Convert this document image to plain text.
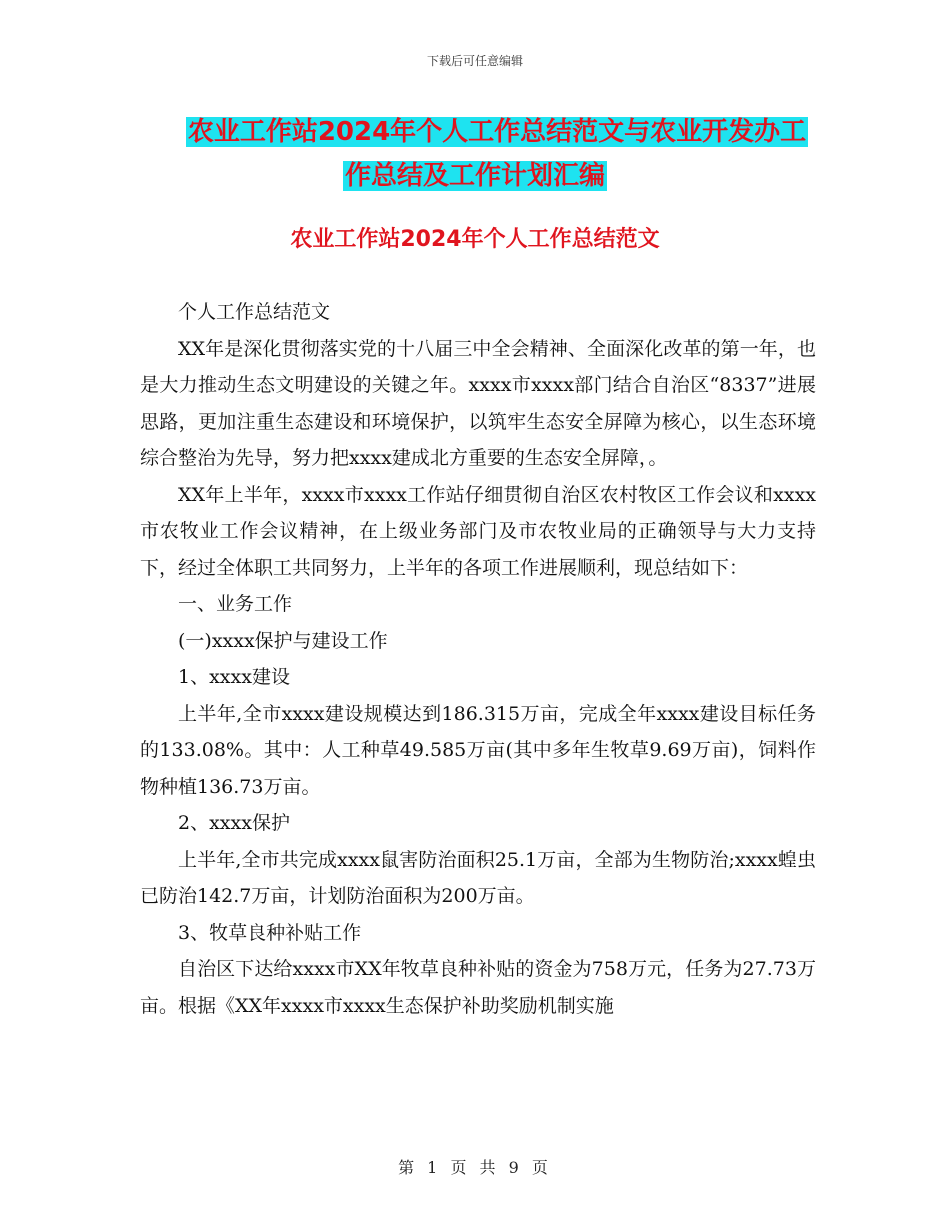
下载后可任意编辑
农业工作站2024年个人工作总结范文与农业开发办工
作总结及工作计划汇编
农业工作站2024年个人工作总结范文

个人工作总结范文

XX年是深化贯彻落实党的十八届三中全会精神、全面深化改革的第一年，也是大力推动生态文明建设的关键之年。xxxx市xxxx部门结合自治区“8337”进展思路，更加注重生态建设和环境保护，以筑牢生态安全屏障为核心，以生态环境综合整治为先导，努力把xxxx建成北方重要的生态安全屏障，。

XX年上半年，xxxx市xxxx工作站仔细贯彻自治区农村牧区工作会议和xxxx市农牧业工作会议精神，在上级业务部门及市农牧业局的正确领导与大力支持下，经过全体职工共同努力，上半年的各项工作进展顺利，现总结如下：

一、业务工作

(一)xxxx保护与建设工作

1、xxxx建设

上半年,全市xxxx建设规模达到186.315万亩，完成全年xxxx建设目标任务的133.08%。其中：人工种草49.585万亩(其中多年生牧草9.69万亩)，饲料作物种植136.73万亩。

2、xxxx保护

上半年,全市共完成xxxx鼠害防治面积25.1万亩，全部为生物防治;xxxx蝗虫已防治142.7万亩，计划防治面积为200万亩。

3、牧草良种补贴工作

自治区下达给xxxx市XX年牧草良种补贴的资金为758万元，任务为27.73万亩。根据《XX年xxxx市xxxx生态保护补助奖励机制实施

第 1 页 共 9 页
